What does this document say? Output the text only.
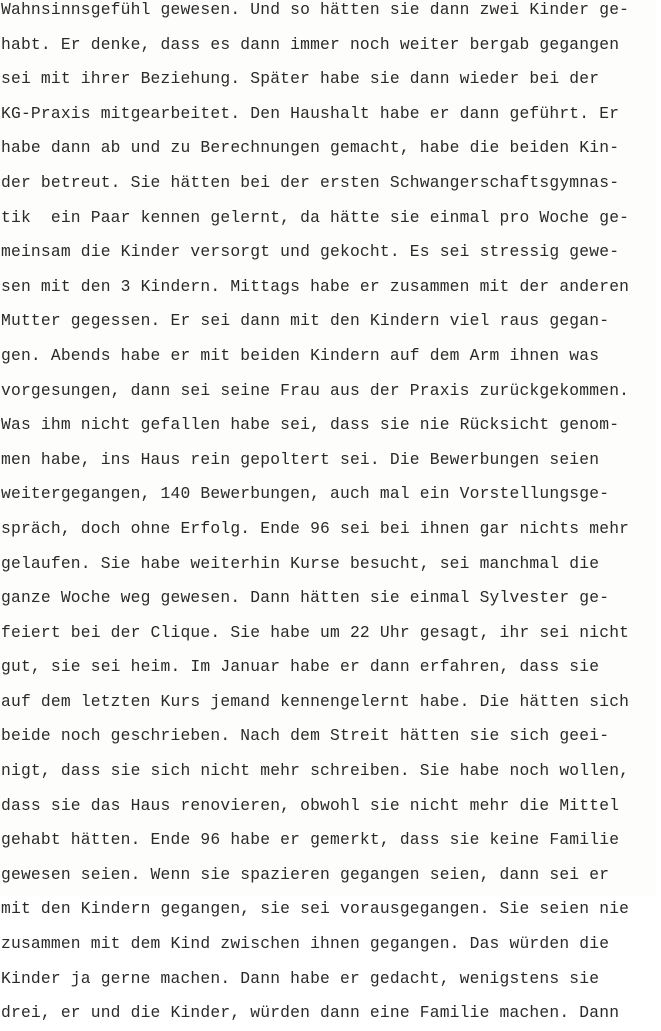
Wahnsinnsgefühl gewesen. Und so hätten sie dann zwei Kinder ge-
habt. Er denke, dass es dann immer noch weiter bergab gegangen
sei mit ihrer Beziehung. Später habe sie dann wieder bei der
KG-Praxis mitgearbeitet. Den Haushalt habe er dann geführt. Er
habe dann ab und zu Berechnungen gemacht, habe die beiden Kin-
der betreut. Sie hätten bei der ersten Schwangerschaftsgymnas-
tik  ein Paar kennen gelernt, da hätte sie einmal pro Woche ge-
meinsam die Kinder versorgt und gekocht. Es sei stressig gewe-
sen mit den 3 Kindern. Mittags habe er zusammen mit der anderen
Mutter gegessen. Er sei dann mit den Kindern viel raus gegan-
gen. Abends habe er mit beiden Kindern auf dem Arm ihnen was
vorgesungen, dann sei seine Frau aus der Praxis zurückgekommen.
Was ihm nicht gefallen habe sei, dass sie nie Rücksicht genom-
men habe, ins Haus rein gepoltert sei. Die Bewerbungen seien
weitergegangen, 140 Bewerbungen, auch mal ein Vorstellungsge-
spräch, doch ohne Erfolg. Ende 96 sei bei ihnen gar nichts mehr
gelaufen. Sie habe weiterhin Kurse besucht, sei manchmal die
ganze Woche weg gewesen. Dann hätten sie einmal Sylvester ge-
feiert bei der Clique. Sie habe um 22 Uhr gesagt, ihr sei nicht
gut, sie sei heim. Im Januar habe er dann erfahren, dass sie
auf dem letzten Kurs jemand kennengelernt habe. Die hätten sich
beide noch geschrieben. Nach dem Streit hätten sie sich geei-
nigt, dass sie sich nicht mehr schreiben. Sie habe noch wollen,
dass sie das Haus renovieren, obwohl sie nicht mehr die Mittel
gehabt hätten. Ende 96 habe er gemerkt, dass sie keine Familie
gewesen seien. Wenn sie spazieren gegangen seien, dann sei er
mit den Kindern gegangen, sie sei vorausgegangen. Sie seien nie
zusammen mit dem Kind zwischen ihnen gegangen. Das würden die
Kinder ja gerne machen. Dann habe er gedacht, wenigstens sie
drei, er und die Kinder, würden dann eine Familie machen. Dann
